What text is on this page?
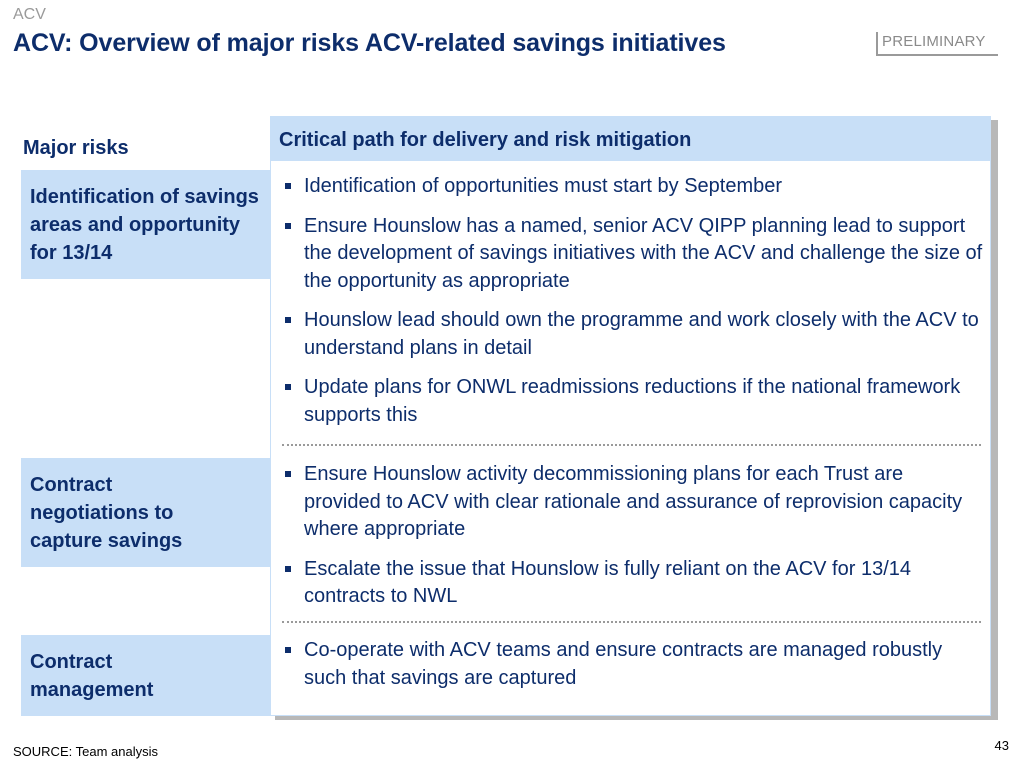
ACV
ACV: Overview of major risks ACV-related savings initiatives	PRELIMINARY
Major risks
Identification of savings areas and opportunity for 13/14
Contract negotiations to capture savings
Contract management
Critical path for delivery and risk mitigation
Identification of opportunities must start by September
Ensure Hounslow has a named, senior ACV QIPP planning lead to support the development of savings initiatives with the ACV and challenge the size of the opportunity as appropriate
Hounslow lead should own the programme and work closely with the ACV to understand plans in detail
Update plans for ONWL readmissions reductions if the national framework supports this
Ensure Hounslow activity decommissioning plans for each Trust are provided to ACV with clear rationale and assurance of reprovision capacity where appropriate
Escalate the issue that Hounslow is fully reliant on the ACV for 13/14 contracts to NWL
Co-operate with ACV teams and ensure contracts are managed robustly such that savings are captured
SOURCE: Team analysis	43
